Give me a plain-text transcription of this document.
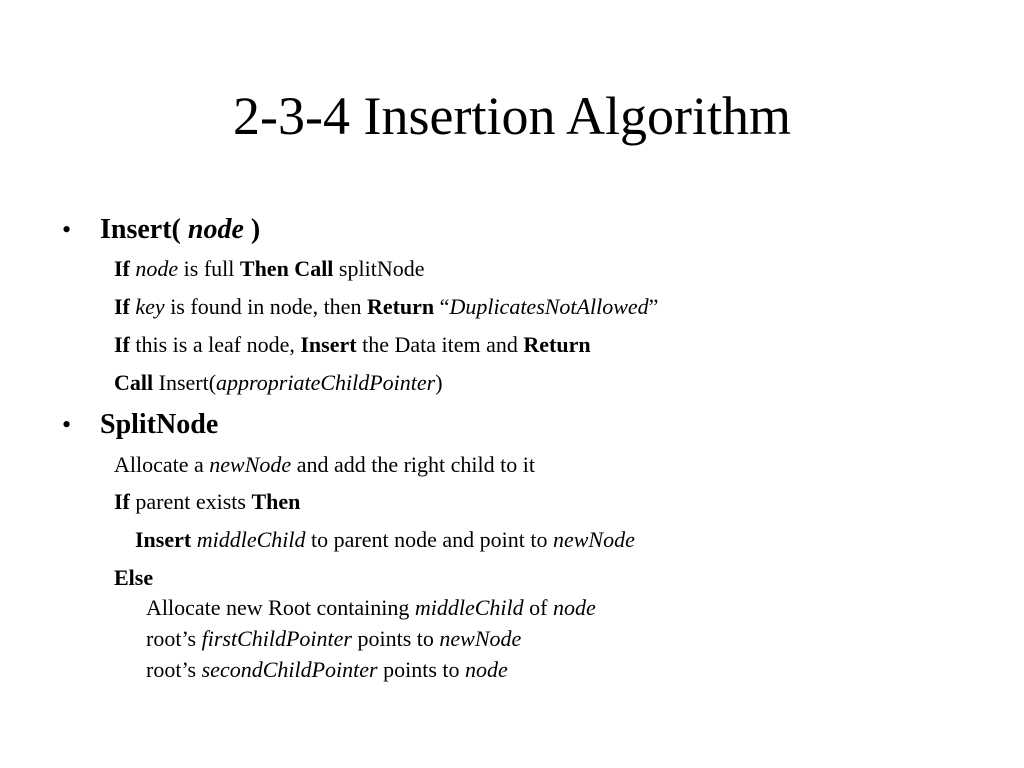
2-3-4 Insertion Algorithm
• Insert( node )
If node is full Then Call splitNode
If key is found in node, then Return “DuplicatesNotAllowed”
If this is a leaf node, Insert the Data item and Return
Call Insert(appropriateChildPointer)
• SplitNode
Allocate a newNode and add the right child to it
If parent exists Then
Insert middleChild to parent node and point to newNode
Else
Allocate new Root containing middleChild of node
root’s firstChildPointer points to newNode
root’s secondChildPointer points to node
